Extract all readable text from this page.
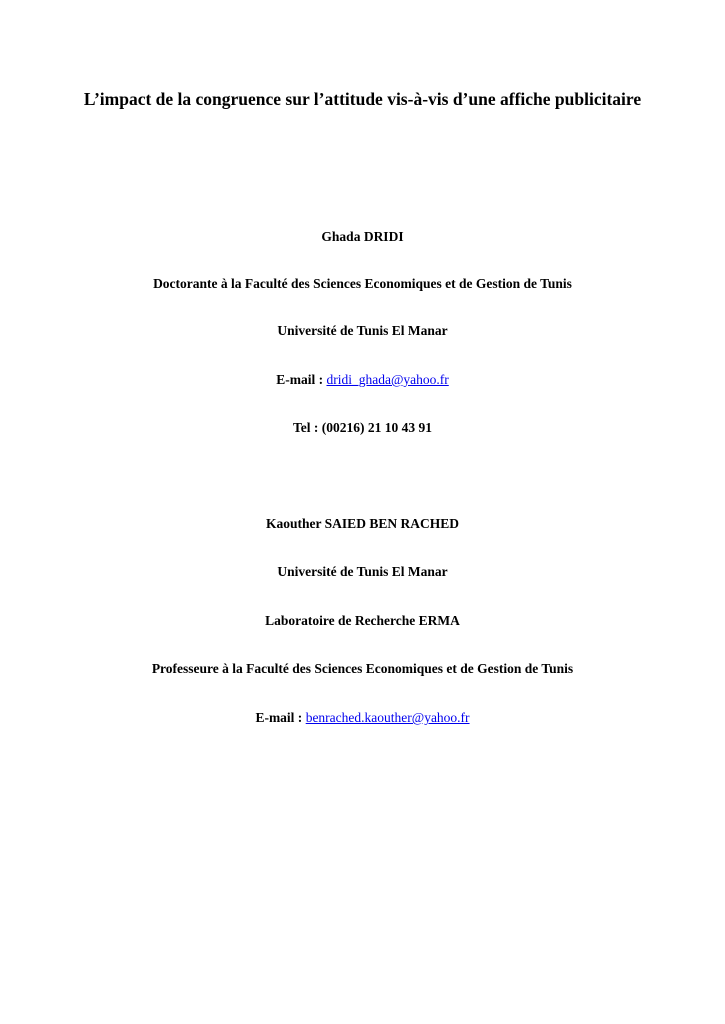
L’impact de la congruence sur l’attitude vis-à-vis d’une affiche publicitaire
Ghada DRIDI
Doctorante à la Faculté des Sciences Economiques et de Gestion de Tunis
Université de Tunis El Manar
E-mail : dridi_ghada@yahoo.fr
Tel : (00216) 21 10 43 91
Kaouther SAIED BEN RACHED
Université de Tunis El Manar
Laboratoire de Recherche ERMA
Professeure à la Faculté des Sciences Economiques et de Gestion de Tunis
E-mail : benrached.kaouther@yahoo.fr
